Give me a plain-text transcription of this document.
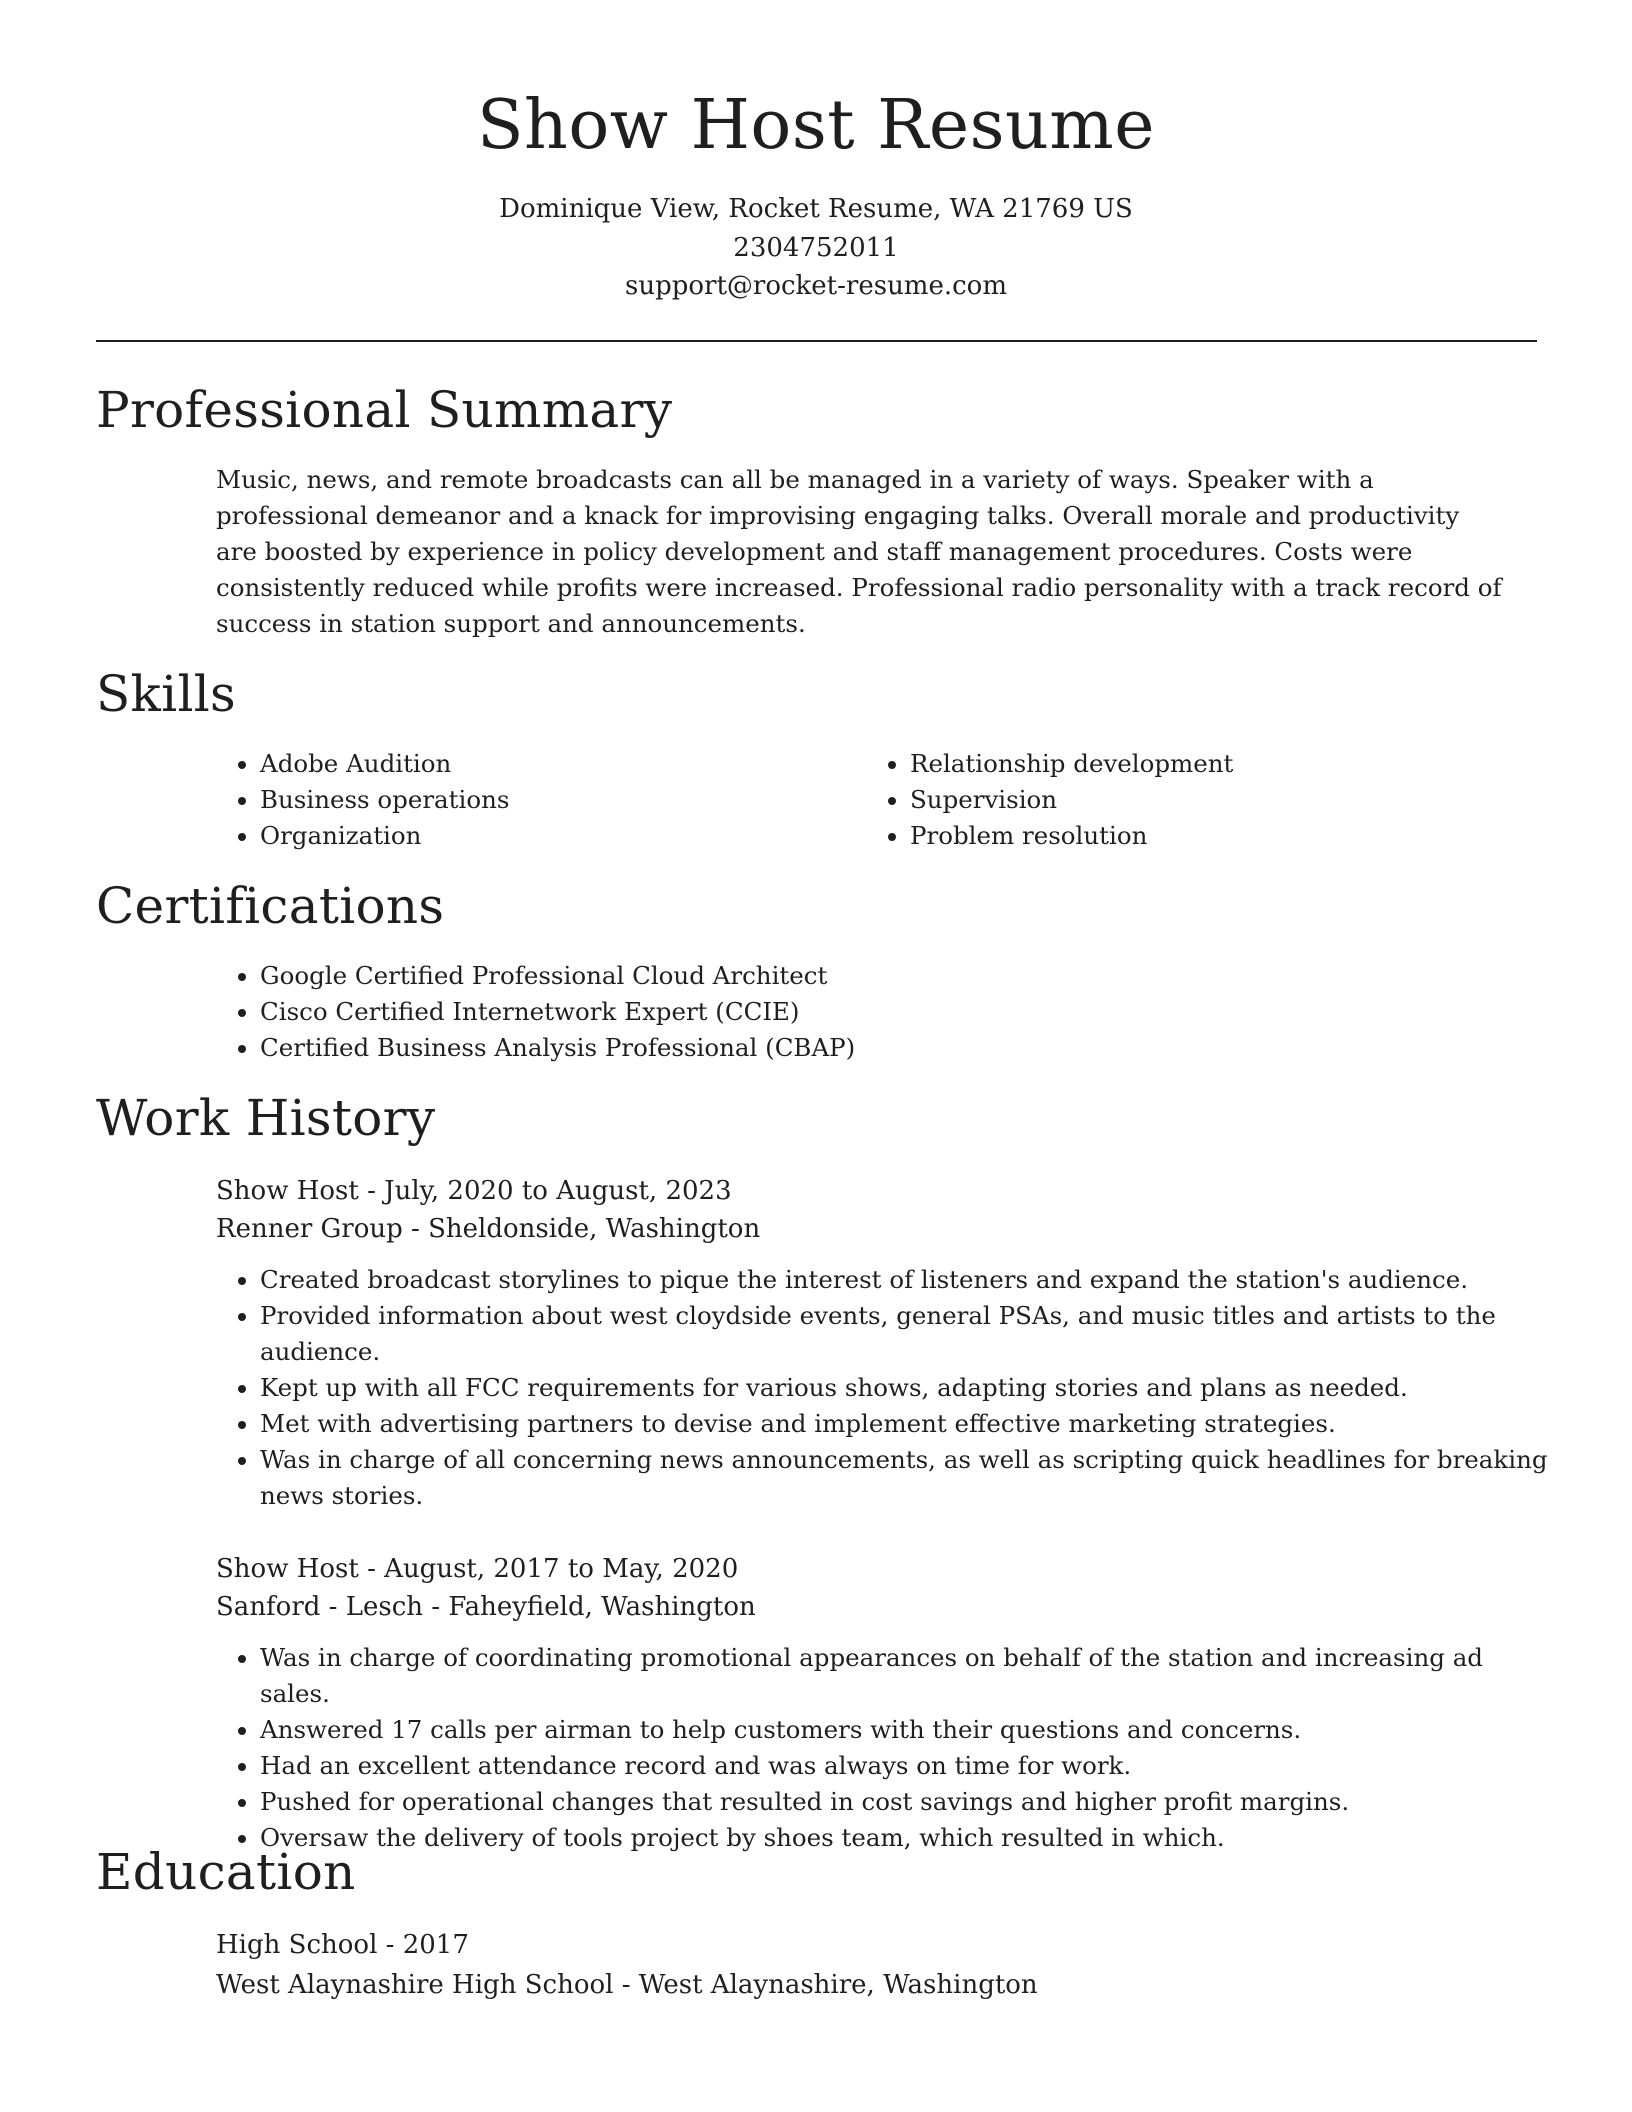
Show Host Resume
Dominique View, Rocket Resume, WA 21769 US
2304752011
support@rocket-resume.com
Professional Summary

Music, news, and remote broadcasts can all be managed in a variety of ways. Speaker with a professional demeanor and a knack for improvising engaging talks. Overall morale and productivity are boosted by experience in policy development and staff management procedures. Costs were consistently reduced while profits were increased. Professional radio personality with a track record of success in station support and announcements.

Skills
• Adobe Audition
• Business operations
• Organization
• Relationship development
• Supervision
• Problem resolution
Certifications
• Google Certified Professional Cloud Architect
• Cisco Certified Internetwork Expert (CCIE)
• Certified Business Analysis Professional (CBAP)
Work History
Show Host - July, 2020 to August, 2023
Renner Group - Sheldonside, Washington
• Created broadcast storylines to pique the interest of listeners and expand the station's audience.
• Provided information about west cloydside events, general PSAs, and music titles and artists to the audience.
• Kept up with all FCC requirements for various shows, adapting stories and plans as needed.
• Met with advertising partners to devise and implement effective marketing strategies.
• Was in charge of all concerning news announcements, as well as scripting quick headlines for breaking news stories.
Show Host - August, 2017 to May, 2020
Sanford - Lesch - Faheyfield, Washington
• Was in charge of coordinating promotional appearances on behalf of the station and increasing ad sales.
• Answered 17 calls per airman to help customers with their questions and concerns.
• Had an excellent attendance record and was always on time for work.
• Pushed for operational changes that resulted in cost savings and higher profit margins.
• Oversaw the delivery of tools project by shoes team, which resulted in which.
Education
High School - 2017
West Alaynashire High School - West Alaynashire, Washington
